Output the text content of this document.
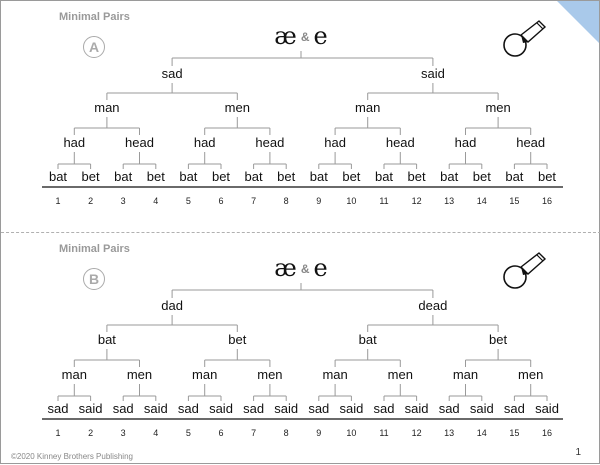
Minimal Pairs
A	æ & e
sad	said
man	men	man	men
had	head	had	head	had	head	had	head
bat bet bat bet bat bet bat bet bat bet bat bet bat bet bat bet
1	2	3	4	5	6	7	8	9	10	11	12	13	14	15	16
Minimal Pairs
B	æ & e
dad	dead
bat	bet	bat	bet
man	men	man	men	man	men	man	men
sad said sad said sad said sad said sad said sad said sad said sad said
1	2	3	4	5	6	7	8	9	10	11	12	13	14	15	16
©2020 Kinney Brothers Publishing	1
